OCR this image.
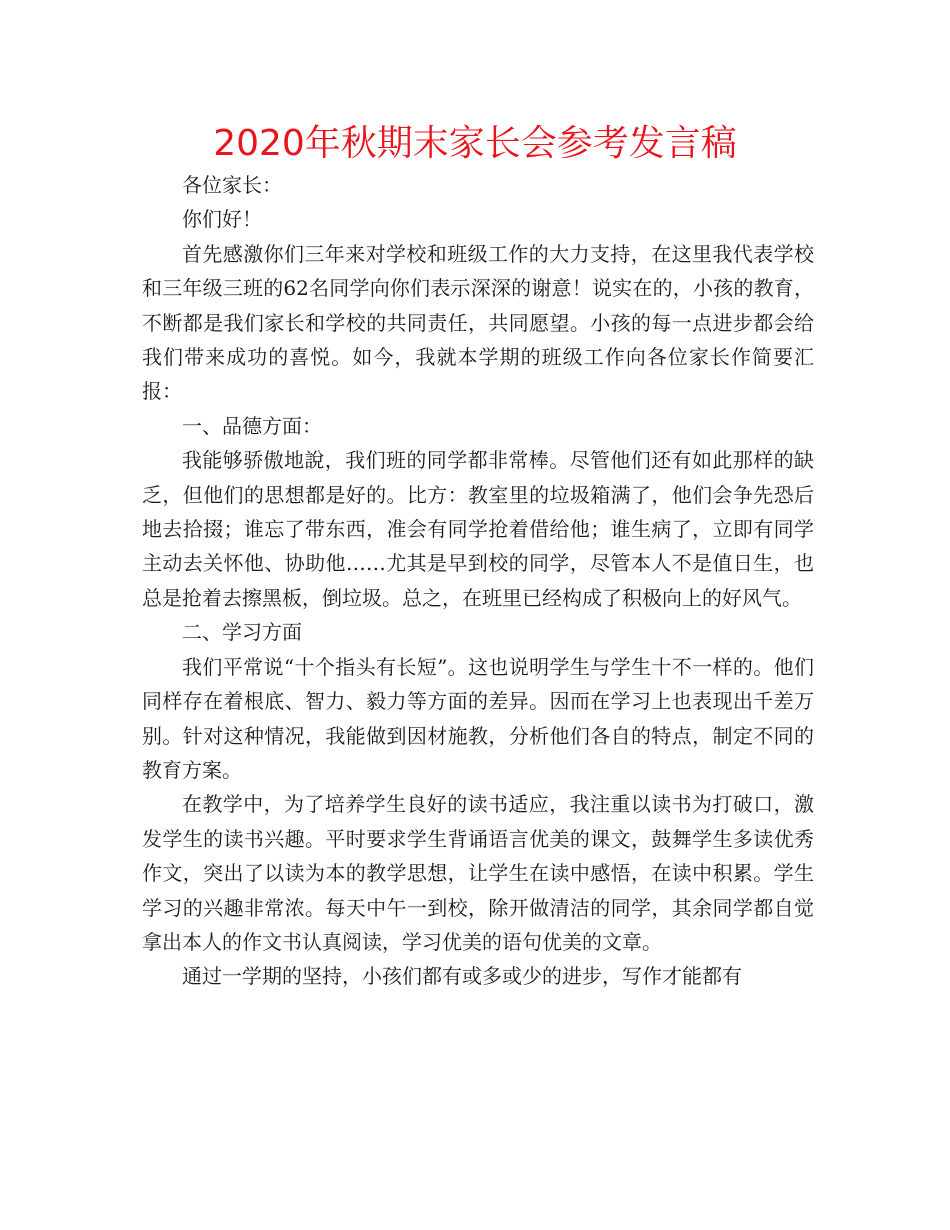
2020年秋期末家长会参考发言稿

各位家长：

你们好！

首先感激你们三年来对学校和班级工作的大力支持，在这里我代表学校和三年级三班的62名同学向你们表示深深的谢意！说实在的，小孩的教育，不断都是我们家长和学校的共同责任，共同愿望。小孩的每一点进步都会给我们带来成功的喜悦。如今，我就本学期的班级工作向各位家长作简要汇报：

一、品德方面：

我能够骄傲地說，我们班的同学都非常棒。尽管他们还有如此那样的缺乏，但他们的思想都是好的。比方：教室里的垃圾箱满了，他们会争先恐后地去拾掇；谁忘了带东西，准会有同学抢着借给他；谁生病了，立即有同学主动去关怀他、协助他……尤其是早到校的同学，尽管本人不是值日生，也总是抢着去擦黑板，倒垃圾。总之，在班里已经构成了积极向上的好风气。

二、学习方面

我们平常说“十个指头有长短”。这也说明学生与学生十不一样的。他们同样存在着根底、智力、毅力等方面的差异。因而在学习上也表现出千差万别。针对这种情况，我能做到因材施教，分析他们各自的特点，制定不同的教育方案。

在教学中，为了培养学生良好的读书适应，我注重以读书为打破口，激发学生的读书兴趣。平时要求学生背诵语言优美的课文，鼓舞学生多读优秀作文，突出了以读为本的教学思想，让学生在读中感悟，在读中积累。学生学习的兴趣非常浓。每天中午一到校，除开做清洁的同学，其余同学都自觉拿出本人的作文书认真阅读，学习优美的语句优美的文章。

通过一学期的坚持，小孩们都有或多或少的进步，写作才能都有
